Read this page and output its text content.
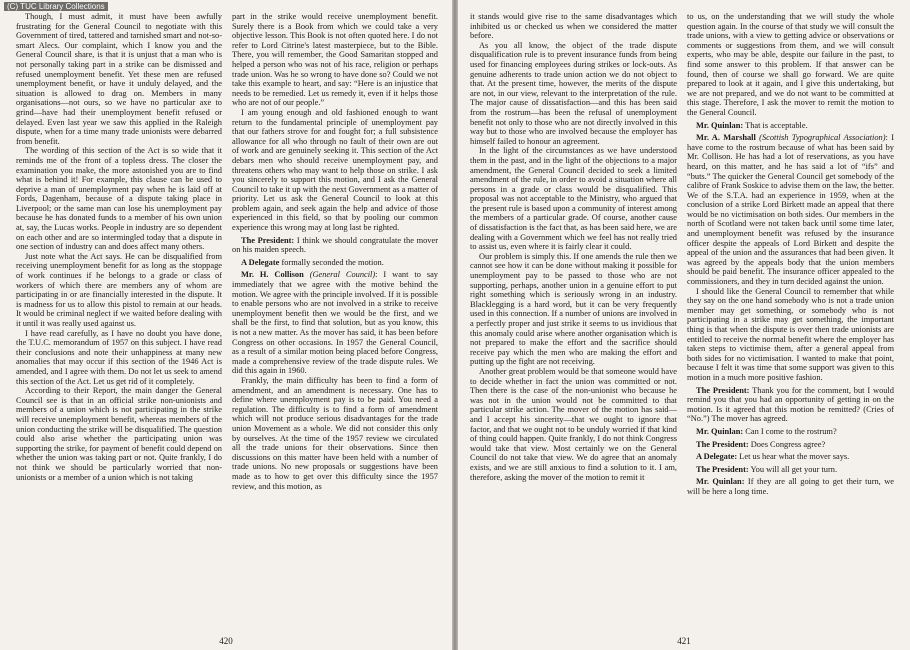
(C) TUC Library Collections

Though, I must admit, it must have been awfully frustrating for the General Council to negotiate with this Government of tired, tattered and tarnished smart and not-so-smart Alecs. Our complaint, which I know you and the General Council share, is that it is unjust that a man who is not personally taking part in a strike can be dismissed and refused unemployment benefit. Yet these men are refused unemployment benefit, or have it unduly delayed, and the situation is allowed to drag on. Members in many organisations—not ours, so we have no particular axe to grind—have had their unemployment benefit refused or delayed. Even last year we saw this applied in the Raleigh dispute, when for a time many trade unionists were debarred from benefit.

The wording of this section of the Act is so wide that it reminds me of the front of a topless dress. The closer the examination you make, the more astonished you are to find what is behind it! For example, this clause can be used to deprive a man of unemployment pay when he is laid off at Fords, Dagenham, because of a dispute taking place in Liverpool; or the same man can lose his unemployment pay because he has donated funds to a member of his own union at, say, the Lucas works. People in industry are so dependent on each other and are so intermingled today that a dispute in one section of industry can and does affect many others.

Just note what the Act says. He can be disqualified from receiving unemployment benefit for as long as the stoppage of work continues if he belongs to a grade or class of workers of which there are members any of whom are participating in or are financially interested in the dispute. It is madness for us to allow this pistol to remain at our heads. It would be criminal neglect if we waited before dealing with it until it was really used against us.

I have read carefully, as I have no doubt you have done, the T.U.C. memorandum of 1957 on this subject. I have read their conclusions and note their unhappiness at many new anomalies that may occur if this section of the 1946 Act is amended, and I agree with them. Do not let us seek to amend this section of the Act. Let us get rid of it completely.

According to their Report, the main danger the General Council see is that in an official strike non-unionists and members of a union which is not participating in the strike will receive unemployment benefit, whereas members of the union conducting the strike will be disqualified. The question could also arise whether the participating union was supporting the strike, for payment of benefit could depend on whether the union was taking part or not. Quite frankly, I do not think we should be particularly worried that non-unionists or a member of a union which is not taking

part in the strike would receive unemployment benefit. Surely there is a Book from which we could take a very objective lesson. This Book is not often quoted here. I do not refer to Lord Citrine's latest masterpiece, but to the Bible. There, you will remember, the Good Samaritan stopped and helped a person who was not of his race, religion or perhaps trade union. Was he so wrong to have done so? Could we not take this example to heart, and say: “Here is an injustice that needs to be remedied. Let us remedy it, even if it helps those who are not of our people.”

I am young enough and old fashioned enough to want return to the fundamental principle of unemployment pay that our fathers strove for and fought for; a full subsistence allowance for all who through no fault of their own are out of work and are genuinely seeking it. This section of the Act debars men who should receive unemployment pay, and threatens others who may want to help those on strike. I ask you sincerely to support this motion, and I ask the General Council to take it up with the next Government as a matter of priority. Let us ask the General Council to look at this problem again, and seek again the help and advice of those experienced in this field, so that by pooling our common experience this wrong may at long last be righted.

The President: I think we should congratulate the mover on his maiden speech.

A Delegate formally seconded the motion.

Mr. H. Collison (General Council): I want to say immediately that we agree with the motive behind the motion. We agree with the principle involved. If it is possible to enable persons who are not involved in a strike to receive unemployment benefit then we would be the first, and we shall be the first, to find that solution, but as you know, this is not a new matter. As the mover has said, it has been before Congress on other occasions. In 1957 the General Council, as a result of a similar motion being placed before Congress, made a comprehensive review of the trade dispute rules. We did this again in 1960.

Frankly, the main difficulty has been to find a form of amendment, and an amendment is necessary. One has to define where unemployment pay is to be paid. You need a regulation. The difficulty is to find a form of amendment which will not produce serious disadvantages for the trade union Movement as a whole. We did not consider this only by ourselves. At the time of the 1957 review we circulated all the trade unions for their observations. Since then discussions on this matter have been held with a number of trade unions. No new proposals or suggestions have been made as to how to get over this difficulty since the 1957 review, and this motion, as

420

it stands would give rise to the same disadvantages which inhibited us or checked us when we considered the matter before.

As you all know, the object of the trade dispute disqualification rule is to prevent insurance funds from being used for financing employees during strikes or lock-outs. As genuine adherents to trade union action we do not object to that. At the present time, however, the merits of the dispute are not, in our view, relevant to the interpretation of the rule. The major cause of dissatisfaction—and this has been said from the rostrum—has been the refusal of unemployment benefit not only to those who are not directly involved in this way but to those who are involved because the employer has himself failed to honour an agreement.

In the light of the circumstances as we have understood them in the past, and in the light of the objections to a major amendment, the General Council decided to seek a limited amendment of the rule, in order to avoid a situation where all persons in a grade or class would be disqualified. This proposal was not acceptable to the Ministry, who argued that the present rule is based upon a community of interest among the members of a particular grade. Of course, another cause of dissatisfaction is the fact that, as has been said here, we are dealing with a Government which we feel has not really tried to assist us, even where it is fairly clear it could.

Our problem is simply this. If one amends the rule then we cannot see how it can be done without making it possible for unemployment pay to be passed to those who are not supporting, perhaps, another union in a genuine effort to put right something which is seriously wrong in an industry. Blacklegging is a hard word, but it can be very frequently used in this connection. If a number of unions are involved in a perfectly proper and just strike it seems to us invidious that this anomaly could arise where another organisation which is not prepared to make the effort and the sacrifice should receive pay which the men who are making the effort and putting up the fight are not receiving.

Another great problem would be that someone would have to decide whether in fact the union was committed or not. Then there is the case of the non-unionist who because he was not in the union would not be committed to that particular strike action. The mover of the motion has said—and I accept his sincerity—that we ought to ignore that factor, and that we ought not to be unduly worried if that kind of thing could happen. Quite frankly, I do not think Congress would take that view. Most certainly we on the General Council do not take that view. We do agree that an anomaly exists, and we are still anxious to find a solution to it. I am, therefore, asking the mover of the motion to remit it

to us, on the understanding that we will study the whole question again. In the course of that study we will consult the trade unions, with a view to getting advice or observations or comments or suggestions from them, and we will consult experts, who may be able, despite our failure in the past, to find some answer to this problem. If that answer can be found, then of course we shall go forward. We are quite prepared to look at it again, and I give this undertaking, but we are not prepared, and we do not want to be committed at this stage. Therefore, I ask the mover to remit the motion to the General Council.

Mr. Quinlan: That is acceptable.

Mr. A. Marshall (Scottish Typographical Association): I have come to the rostrum because of what has been said by Mr. Collison. He has had a lot of reservations, as you have heard, on this matter, and he has said a lot of “ifs” and “buts.” The quicker the General Council get somebody of the calibre of Frank Soskice to advise them on the law, the better. We of the S.T.A. had an experience in 1959, when at the conclusion of a strike Lord Birkett made an appeal that there would be no victimisation on both sides. Our members in the north of Scotland were not taken back until some time later, and unemployment benefit was refused by the insurance officer despite the appeals of Lord Birkett and despite the appeal of the union and the assurances that had been given. It was agreed by the appeals body that the union members should be paid benefit. The insurance officer appealed to the commissioners, and they in turn decided against the union.

I should like the General Council to remember that while they say on the one hand somebody who is not a trade union member may get something, or somebody who is not participating in a strike may get something, the important thing is that when the dispute is over then trade unionists are entitled to receive the normal benefit where the employer has taken steps to victimise them, after a general appeal from both sides for no victimisation. I wanted to make that point, because I felt it was time that some support was given to this motion in a much more positive fashion.

The President: Thank you for the comment, but I would remind you that you had an opportunity of getting in on the motion. Is it agreed that this motion be remitted? (Cries of “No.”) The mover has agreed.

Mr. Quinlan: Can I come to the rostrum?

The President: Does Congress agree?

A Delegate: Let us hear what the mover says.

The President: You will all get your turn.

Mr. Quinlan: If they are all going to get their turn, we will be here a long time.

421
